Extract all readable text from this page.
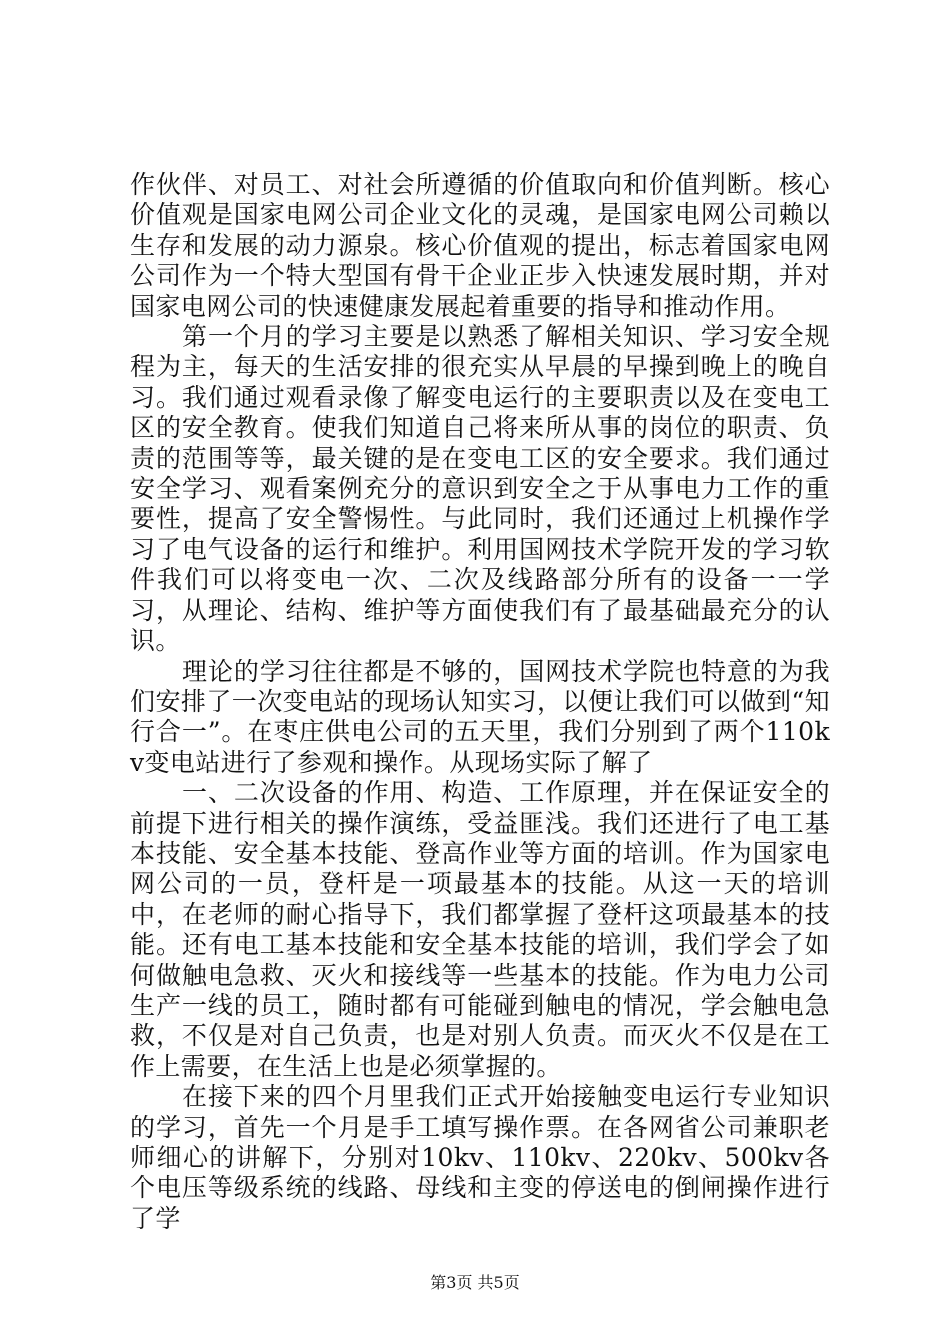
作伙伴、对员工、对社会所遵循的价值取向和价值判断。核心价值观是国家电网公司企业文化的灵魂，是国家电网公司赖以生存和发展的动力源泉。核心价值观的提出，标志着国家电网公司作为一个特大型国有骨干企业正步入快速发展时期，并对国家电网公司的快速健康发展起着重要的指导和推动作用。

第一个月的学习主要是以熟悉了解相关知识、学习安全规程为主，每天的生活安排的很充实从早晨的早操到晚上的晚自习。我们通过观看录像了解变电运行的主要职责以及在变电工区的安全教育。使我们知道自己将来所从事的岗位的职责、负责的范围等等，最关键的是在变电工区的安全要求。我们通过安全学习、观看案例充分的意识到安全之于从事电力工作的重要性，提高了安全警惕性。与此同时，我们还通过上机操作学习了电气设备的运行和维护。利用国网技术学院开发的学习软件我们可以将变电一次、二次及线路部分所有的设备一一学习，从理论、结构、维护等方面使我们有了最基础最充分的认识。

理论的学习往往都是不够的，国网技术学院也特意的为我们安排了一次变电站的现场认知实习，以便让我们可以做到“知行合一”。在枣庄供电公司的五天里，我们分别到了两个110kv变电站进行了参观和操作。从现场实际了解了

一、二次设备的作用、构造、工作原理，并在保证安全的前提下进行相关的操作演练，受益匪浅。我们还进行了电工基本技能、安全基本技能、登高作业等方面的培训。作为国家电网公司的一员，登杆是一项最基本的技能。从这一天的培训中，在老师的耐心指导下，我们都掌握了登杆这项最基本的技能。还有电工基本技能和安全基本技能的培训，我们学会了如何做触电急救、灭火和接线等一些基本的技能。作为电力公司生产一线的员工，随时都有可能碰到触电的情况，学会触电急救，不仅是对自己负责，也是对别人负责。而灭火不仅是在工作上需要，在生活上也是必须掌握的。

在接下来的四个月里我们正式开始接触变电运行专业知识的学习，首先一个月是手工填写操作票。在各网省公司兼职老师细心的讲解下，分别对10kv、110kv、220kv、500kv各个电压等级系统的线路、母线和主变的停送电的倒闸操作进行了学

第3页 共5页
